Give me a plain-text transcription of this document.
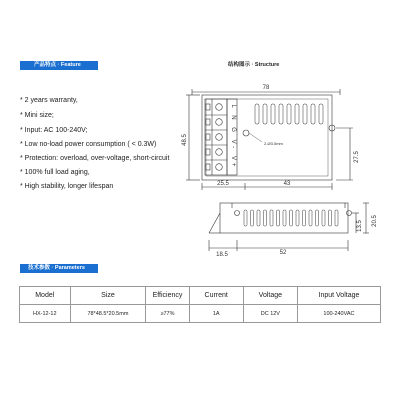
产品特点 · Feature	结构图示 · Structure
* 2 years warranty,
* Mini size;
* Input: AC 100-240V;
* Low no-load power consumption ( < 0.3W)
* Protection: overload, over-voltage, short-circuit
* 100% full load aging,
* High stability, longer lifespan
78
48.5
27.5
25.5	43
20.5
13.5
18.5	52
2-Ø3.5mm
L N G V- V+
技术参数 · Parameters
Model	Size	Efficiency	Current	Voltage	Input Voltage
HX-12-12	78*48.5*20.5mm	≥77%	1A	DC 12V	100-240VAC
